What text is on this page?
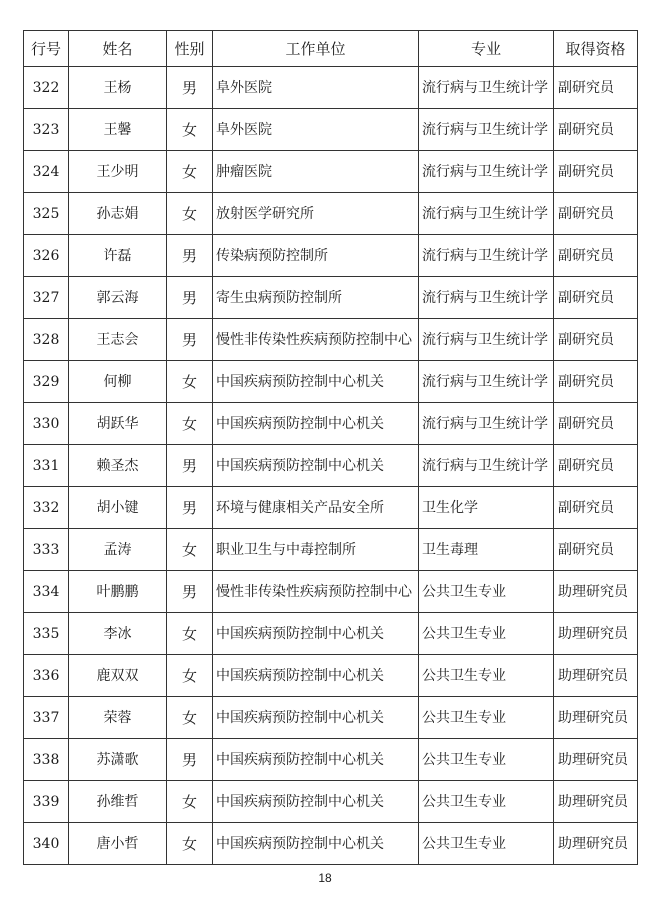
行号	姓名	性别	工作单位	专业	取得资格
322	王杨	男	阜外医院	流行病与卫生统计学	副研究员
323	王馨	女	阜外医院	流行病与卫生统计学	副研究员
324	王少明	女	肿瘤医院	流行病与卫生统计学	副研究员
325	孙志娟	女	放射医学研究所	流行病与卫生统计学	副研究员
326	许磊	男	传染病预防控制所	流行病与卫生统计学	副研究员
327	郭云海	男	寄生虫病预防控制所	流行病与卫生统计学	副研究员
328	王志会	男	慢性非传染性疾病预防控制中心	流行病与卫生统计学	副研究员
329	何柳	女	中国疾病预防控制中心机关	流行病与卫生统计学	副研究员
330	胡跃华	女	中国疾病预防控制中心机关	流行病与卫生统计学	副研究员
331	赖圣杰	男	中国疾病预防控制中心机关	流行病与卫生统计学	副研究员
332	胡小键	男	环境与健康相关产品安全所	卫生化学	副研究员
333	孟涛	女	职业卫生与中毒控制所	卫生毒理	副研究员
334	叶鹏鹏	男	慢性非传染性疾病预防控制中心	公共卫生专业	助理研究员
335	李冰	女	中国疾病预防控制中心机关	公共卫生专业	助理研究员
336	鹿双双	女	中国疾病预防控制中心机关	公共卫生专业	助理研究员
337	荣蓉	女	中国疾病预防控制中心机关	公共卫生专业	助理研究员
338	苏潇歌	男	中国疾病预防控制中心机关	公共卫生专业	助理研究员
339	孙维哲	女	中国疾病预防控制中心机关	公共卫生专业	助理研究员
340	唐小哲	女	中国疾病预防控制中心机关	公共卫生专业	助理研究员
18
